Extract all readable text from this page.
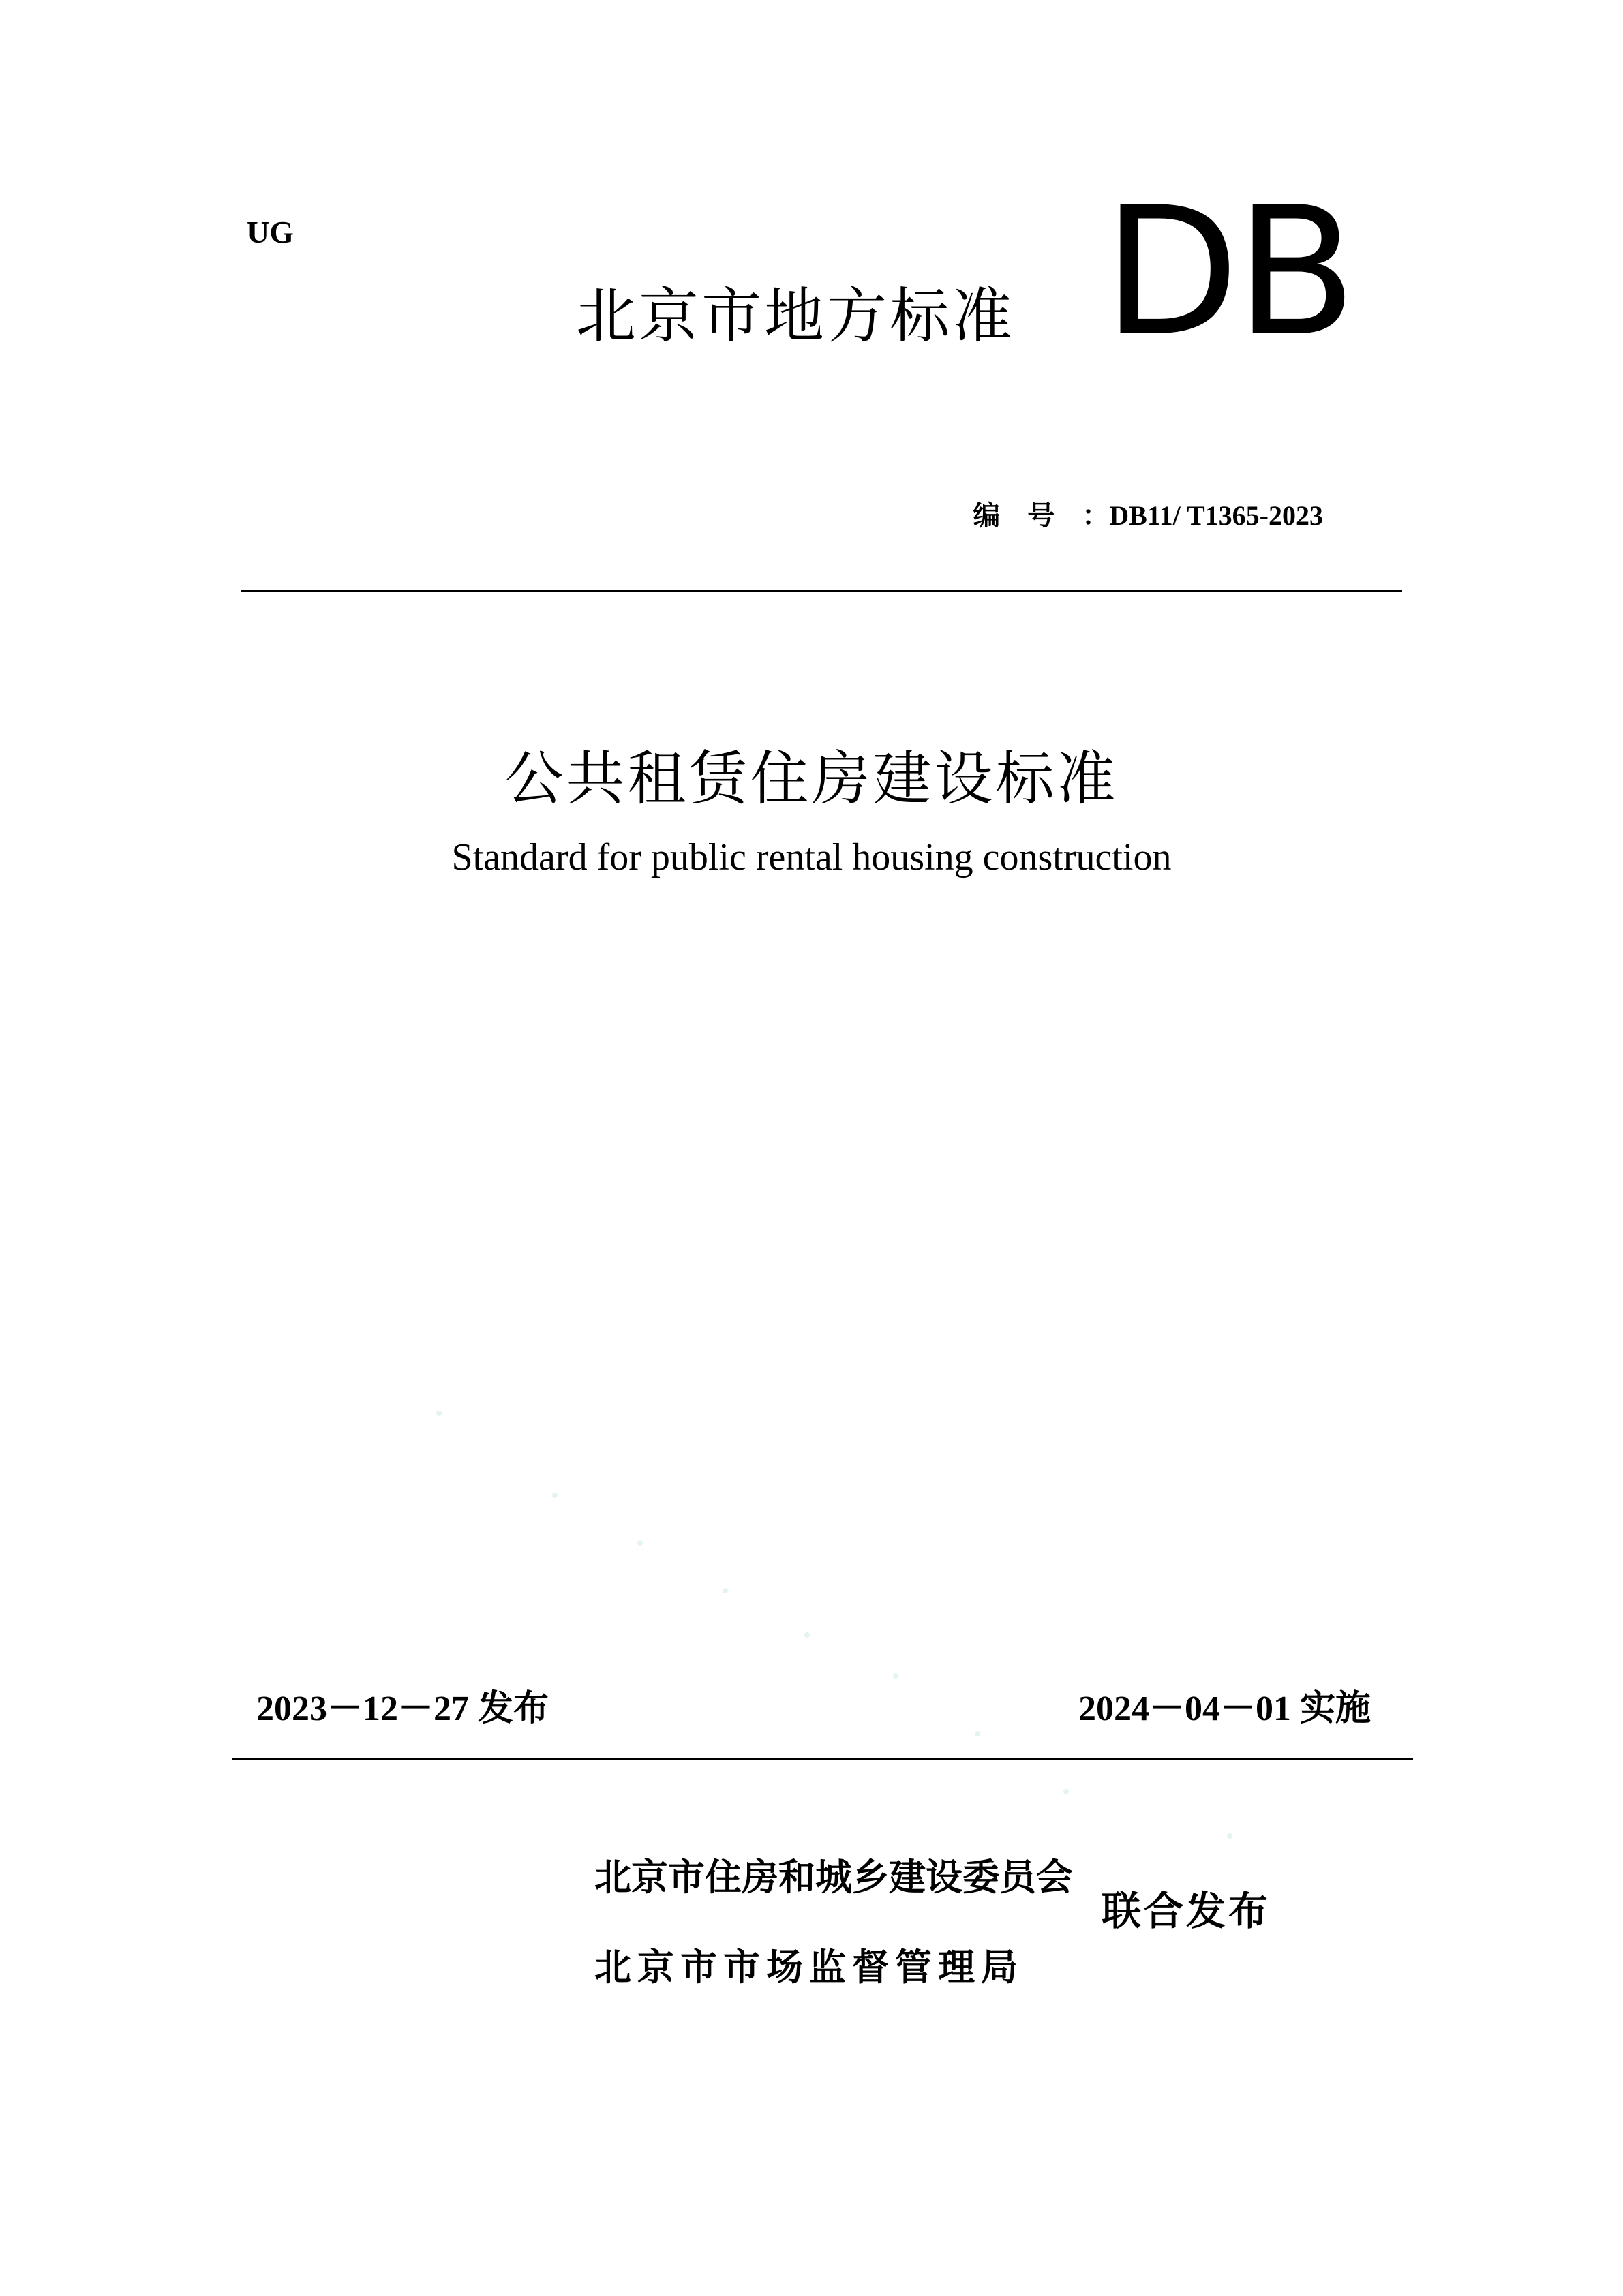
UG
北京市地方标准 DB
编号：DB11/ T1365-2023
公共租赁住房建设标准
Standard for public rental housing construction
2023－12－27 发布	2024－04－01 实施
北京市住房和城乡建设委员会
北京市市场监督管理局
联合发布
